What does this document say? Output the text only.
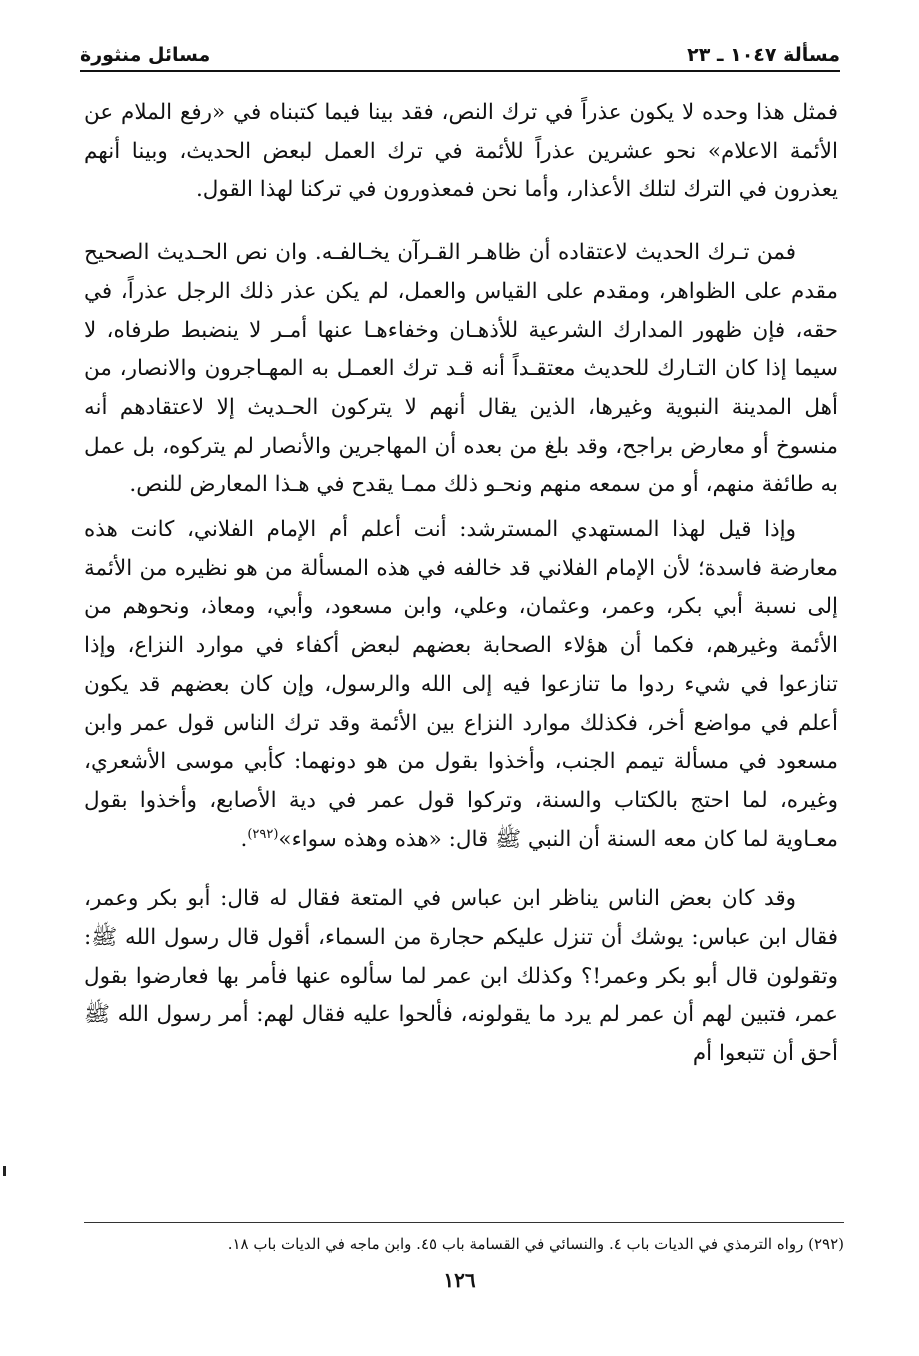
مسألة ١٠٤٧ ـ ٢٣
مسائل منثورة

فمثل هذا وحده لا يكون عذراً في ترك النص، فقد بينا فيما كتبناه في «رفع الملام عن الأئمة الاعلام» نحو عشرين عذراً للأئمة في ترك العمل لبعض الحديث، وبينا أنهم يعذرون في الترك لتلك الأعذار، وأما نحن فمعذورون في تركنا لهذا القول.

فمن تـرك الحديث لاعتقاده أن ظاهـر القـرآن يخـالفـه. وان نص الحـديث الصحيح مقدم على الظواهر، ومقدم على القياس والعمل، لم يكن عذر ذلك الرجل عذراً، في حقه، فإن ظهور المدارك الشرعية للأذهـان وخفاءهـا عنها أمـر لا ينضبط طرفاه، لا سيما إذا كان التـارك للحديث معتقـداً أنه قـد ترك العمـل به المهـاجرون والانصار، من أهل المدينة النبوية وغيرها، الذين يقال أنهم لا يتركون الحـديث إلا لاعتقادهم أنه منسوخ أو معارض براجح، وقد بلغ من بعده أن المهاجرين والأنصار لم يتركوه، بل عمل به طائفة منهم، أو من سمعه منهم ونحـو ذلك ممـا يقدح في هـذا المعارض للنص.

وإذا قيل لهذا المستهدي المسترشد: أنت أعلم أم الإمام الفلاني، كانت هذه معارضة فاسدة؛ لأن الإمام الفلاني قد خالفه في هذه المسألة من هو نظيره من الأئمة إلى نسبة أبي بكر، وعمر، وعثمان، وعلي، وابن مسعود، وأبي، ومعاذ، ونحوهم من الأئمة وغيرهم، فكما أن هؤلاء الصحابة بعضهم لبعض أكفاء في موارد النزاع، وإذا تنازعوا في شيء ردوا ما تنازعوا فيه إلى الله والرسول، وإن كان بعضهم قد يكون أعلم في مواضع أخر، فكذلك موارد النزاع بين الأئمة وقد ترك الناس قول عمر وابن مسعود في مسألة تيمم الجنب، وأخذوا بقول من هو دونهما: كأبي موسى الأشعري، وغيره، لما احتج بالكتاب والسنة، وتركوا قول عمر في دية الأصابع، وأخذوا بقول معـاوية لما كان معه السنة أن النبي ﷺ قال: «هذه وهذه سواء»$^{(٢٩٢)}$.

وقد كان بعض الناس يناظر ابن عباس في المتعة فقال له قال: أبو بكر وعمر، فقال ابن عباس: يوشك أن تنزل عليكم حجارة من السماء، أقول قال رسول الله ﷺ: وتقولون قال أبو بكر وعمر!؟ وكذلك ابن عمر لما سألوه عنها فأمر بها فعارضوا بقول عمر، فتبين لهم أن عمر لم يرد ما يقولونه، فألحوا عليه فقال لهم: أمر رسول الله ﷺ أحق أن تتبعوا أم

(٢٩٢) رواه الترمذي في الديات باب ٤. والنسائي في القسامة باب ٤٥. وابن ماجه في الديات باب ١٨.
١٢٦
